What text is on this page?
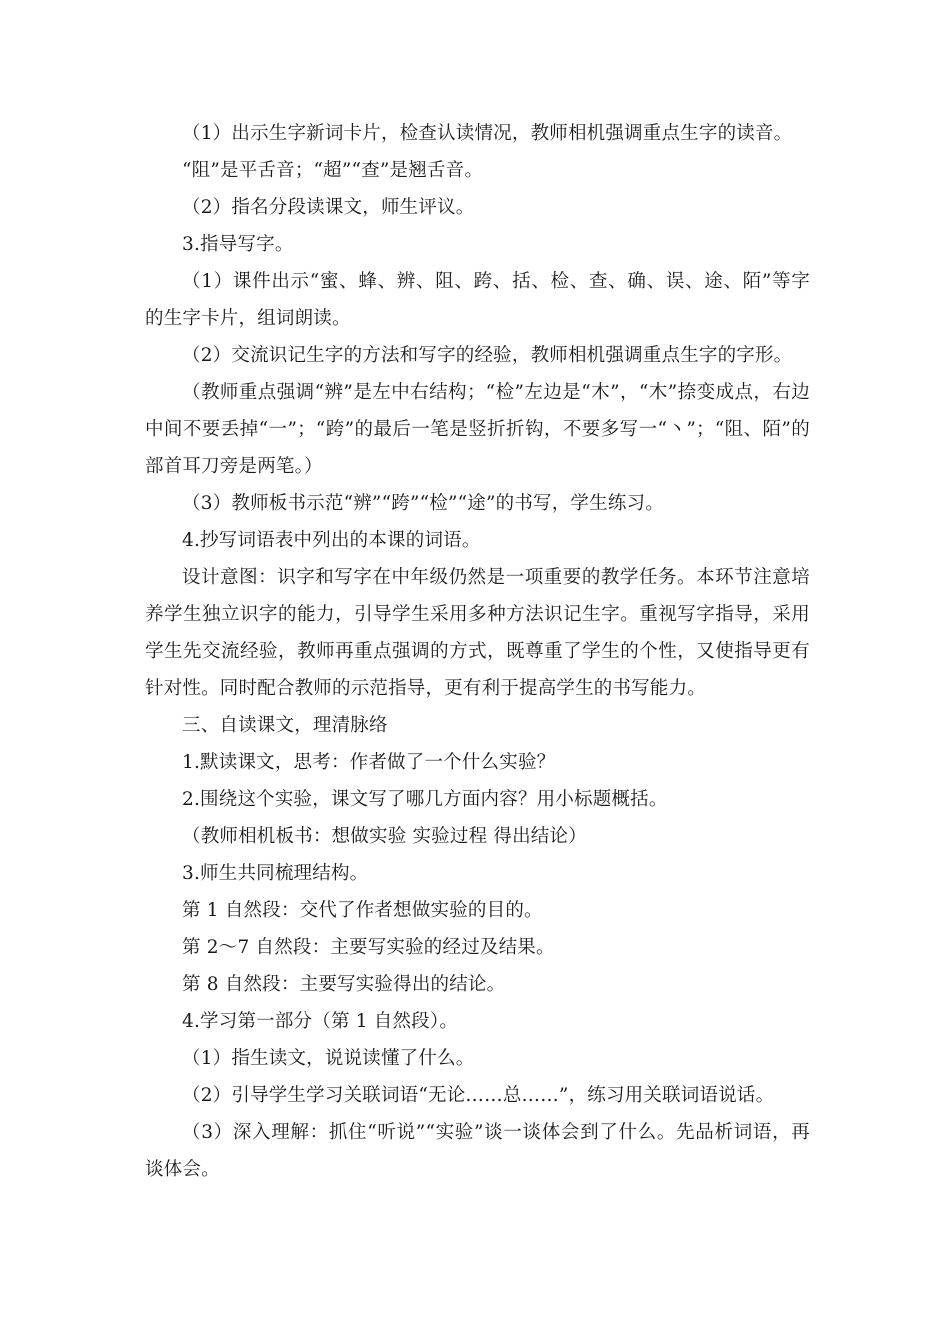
（1）出示生字新词卡片，检查认读情况，教师相机强调重点生字的读音。

“阻”是平舌音；“超”“查”是翘舌音。

（2）指名分段读课文，师生评议。

3.指导写字。

（1）课件出示“蜜、蜂、辨、阻、跨、括、检、查、确、误、途、陌”等字的生字卡片，组词朗读。

（2）交流识记生字的方法和写字的经验，教师相机强调重点生字的字形。

（教师重点强调“辨”是左中右结构；“检”左边是“木”，“木”捺变成点，右边中间不要丢掉“一”；“跨”的最后一笔是竖折折钩，不要多写一“丶”；“阻、陌”的部首耳刀旁是两笔。）

（3）教师板书示范“辨”“跨”“检”“途”的书写，学生练习。

4.抄写词语表中列出的本课的词语。

设计意图：识字和写字在中年级仍然是一项重要的教学任务。本环节注意培养学生独立识字的能力，引导学生采用多种方法识记生字。重视写字指导，采用学生先交流经验，教师再重点强调的方式，既尊重了学生的个性，又使指导更有针对性。同时配合教师的示范指导，更有利于提高学生的书写能力。

三、自读课文，理清脉络

1.默读课文，思考：作者做了一个什么实验？

2.围绕这个实验，课文写了哪几方面内容？用小标题概括。

（教师相机板书：想做实验 实验过程 得出结论）

3.师生共同梳理结构。

第 1 自然段：交代了作者想做实验的目的。

第 2～7 自然段：主要写实验的经过及结果。

第 8 自然段：主要写实验得出的结论。

4.学习第一部分（第 1 自然段）。

（1）指生读文，说说读懂了什么。

（2）引导学生学习关联词语“无论……总……”，练习用关联词语说话。

（3）深入理解：抓住“听说”“实验”谈一谈体会到了什么。先品析词语，再谈体会。
